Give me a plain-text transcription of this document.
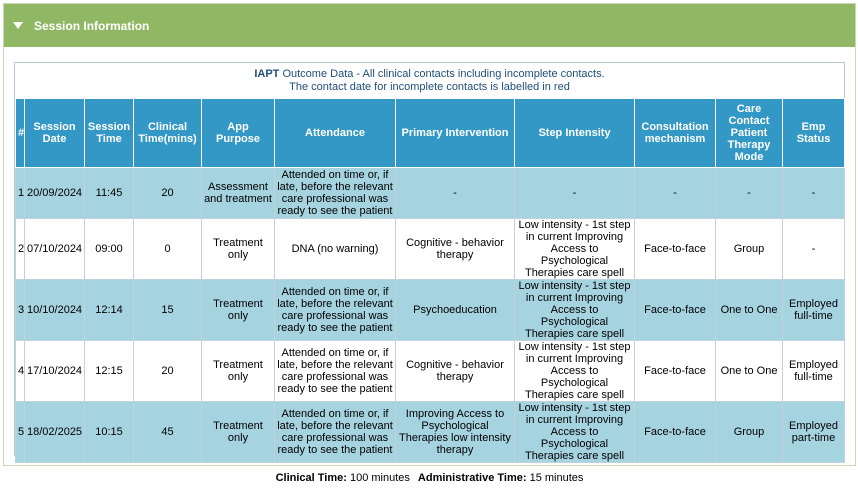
Session Information
IAPT Outcome Data - All clinical contacts including incomplete contacts.
The contact date for incomplete contacts is labelled in red
#	Session Date	Session Time	Clinical Time(mins)	App Purpose	Attendance	Primary Intervention	Step Intensity	Consultation mechanism	Care Contact Patient Therapy Mode	Emp Status
1	20/09/2024	11:45	20	Assessment and treatment	Attended on time or, if late, before the relevant care professional was ready to see the patient	-	-	-	-	-
2	07/10/2024	09:00	0	Treatment only	DNA (no warning)	Cognitive - behavior therapy	Low intensity - 1st step in current Improving Access to Psychological Therapies care spell	Face-to-face	Group	-
3	10/10/2024	12:14	15	Treatment only	Attended on time or, if late, before the relevant care professional was ready to see the patient	Psychoeducation	Low intensity - 1st step in current Improving Access to Psychological Therapies care spell	Face-to-face	One to One	Employed full-time
4	17/10/2024	12:15	20	Treatment only	Attended on time or, if late, before the relevant care professional was ready to see the patient	Cognitive - behavior therapy	Low intensity - 1st step in current Improving Access to Psychological Therapies care spell	Face-to-face	One to One	Employed full-time
5	18/02/2025	10:15	45	Treatment only	Attended on time or, if late, before the relevant care professional was ready to see the patient	Improving Access to Psychological Therapies low intensity therapy	Low intensity - 1st step in current Improving Access to Psychological Therapies care spell	Face-to-face	Group	Employed part-time
Clinical Time: 100 minutes Administrative Time: 15 minutes
